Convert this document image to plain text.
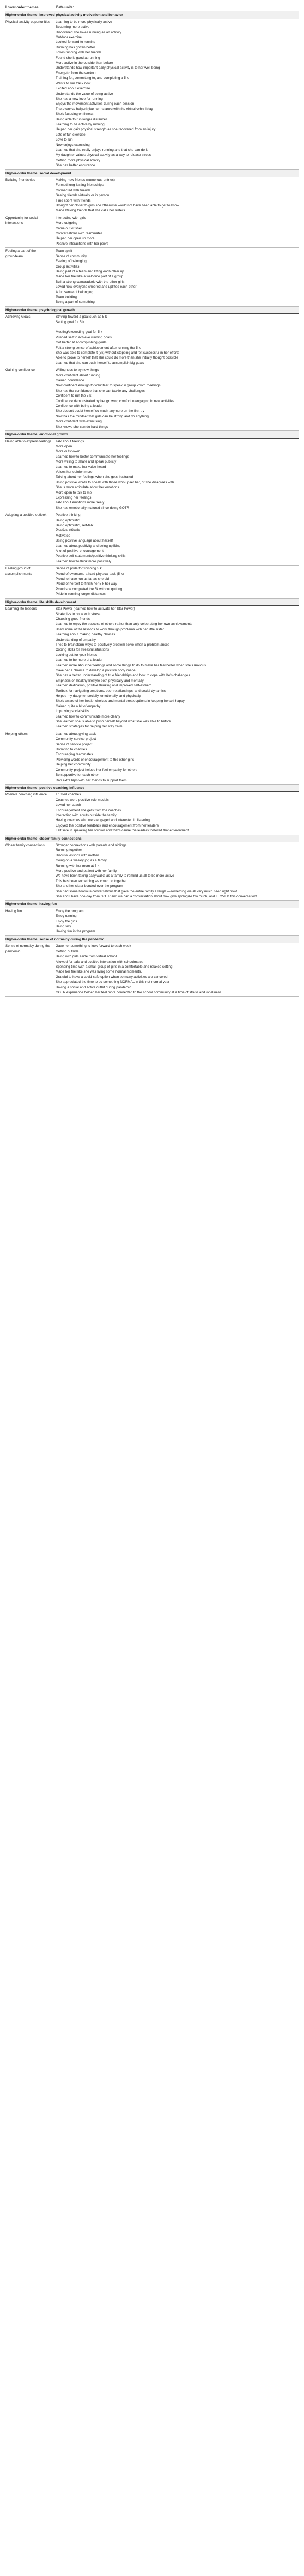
Lower-order themes	Data units:
Higher-order theme: improved physical activity motivation and behavior
Physical activity opportunities	Learning to be more physically active
Becoming more active
Discovered she loves running as an activity
Outdoor exercise
Looked forward to running
Running has gotten better
Loves running with her friends
Found she is good at running
More active in the outside than before
Understands how important daily physical activity is to her well-being
Energetic from the workout
Training for, committing to, and completing a 5 k
Wants to run track now
Excited about exercise
Understands the value of being active
She has a new love for running
Enjoys the movement activities during each session
The exercise helped give her balance with the virtual school day
She's focusing on fitness
Being able to run longer distances
Learning to be active by running
Helped her gain physical strength as she recovered from an injury
Lots of fun exercise
Love to run
Now enjoys exercising
Learned that she really enjoys running and that she can do it
My daughter values physical activity as a way to release stress
Getting more physical activity
She has better endurance
Higher-order theme: social development
Building friendships	Making new friends (numerous entries)
Formed long-lasting friendships
Connected with friends
Seeing friends virtually or in person
Time spent with friends
Brought her closer to girls she otherwise would not have been able to get to know
Made lifelong friends that she calls her sisters
Opportunity for social interactions
Interacting with girls
More outgoing
Came out of shell
Conversations with teammates
Helped her open up more
Positive interactions with her peers
Feeling a part of the group/team
Team spirit
Sense of community
Feeling of belonging
Group activities
Being part of a team and lifting each other up
Made her feel like a welcome part of a group
Built a strong camaraderie with the other girls
Loved how everyone cheered and uplifted each other
A fun sense of belonging
Team building
Being a part of something
Higher-order theme: psychological growth
Achieving Goals	Striving toward a goal such as 5 k
Setting goal for 5 k

Meeting/exceeding goal for 5 k
Pushed self to achieve running goals
Got better at accomplishing goals
Felt a strong sense of achievement after running the 5 k
She was able to complete it (5k) without stopping and felt successful in her efforts
Able to prove to herself that she could do more than she initially thought possible
Learned that she can push herself to accomplish big goals
Gaining confidence	Willingness to try new things
More confident about running
Gained confidence
Now confident enough to volunteer to speak in group Zoom meetings
She has the confidence that she can tackle any challenges
Confident to run the 5 k
Confidence demonstrated by her growing comfort in engaging in new activities
Confidence with being a leader
She doesn't doubt herself so much anymore on the first try
Now has the mindset that girls can be strong and do anything
More confident with exercising
She knows she can do hard things
Higher-order theme: emotional growth
Being able to express feelings	Talk about feelings
More open
More outspoken
Learned how to better communicate her feelings
More willing to share and speak publicly
Learned to make her voice heard
Voices her opinion more
Talking about her feelings when she gets frustrated
Using positive words to speak with those who upset her, or she disagrees with
She is more articulate about her emotions
More open to talk to me
Expressing her feelings
Talk about emotions more freely
She has emotionally matured since doing GOTR
Adopting a positive outlook	Positive thinking
Being optimistic
Being optimistic, self-talk
Positive attitude
Motivated
Using positive language about herself
Learned about positivity and being uplifting
A lot of positive encouragement
Positive self-statements/positive thinking skills
Learned how to think more positively
Feeling proud of accomplishments
Sense of pride for finishing 5 k
Proud of overcome a hard physical task (5 k)
Proud to have run as far as she did
Proud of herself to finish her 5 k her way
Proud she completed the 5k without quitting
Pride in running longer distances
Higher-order theme: life skills development
Learning life lessons	Star Power (learned how to activate her Star Power)
Strategies to cope with stress
Choosing good friends
Learned to enjoy the success of others rather than only celebrating her own achievements
Used some of the lessons to work through problems with her little sister
Learning about making healthy choices
Understanding of empathy
Tries to brainstorm ways to positively problem solve when a problem arises
Coping skills for stressful situations
Looking out for your friends
Learned to be more of a leader
Learned more about her feelings and some things to do to make her feel better when she's anxious
Gave her a chance to develop a positive body image
She has a better understanding of true friendships and how to cope with life's challenges
Emphasis on healthy lifestyle both physically and mentally
Learned dedication, positive thinking and improved self-esteem
Toolbox for navigating emotions, peer relationships, and social dynamics
Helped my daughter socially, emotionally, and physically
She's aware of her health choices and mental break options in keeping herself happy
Gained quite a bit of empathy
Improving social skills
Learned how to communicate more clearly
She learned she is able to push herself beyond what she was able to before
Learned strategies for helping her stay calm
Helping others	Learned about giving back
Community service project
Sense of service project
Donating to charities
Encouraging teammates
Providing words of encouragement to the other girls
Helping her community
Community project helped her feel empathy for others
Be supportive for each other
Ran extra laps with her friends to support them
Higher-order theme: positive coaching influence
Positive coaching influence	Trusted coaches
Coaches were positive role models
Loved her coach
Encouragement she gets from the coaches
Interacting with adults outside the family
Having coaches who were engaged and interested in listening
Enjoyed the positive feedback and encouragement from her leaders
Felt safe in speaking her opinion and that's cause the leaders fostered that environment
Higher-order theme: closer family connections
Closer family connections	Stronger connections with parents and siblings
Running together
Discuss lessons with mother
Going on a weekly jog as a family
Running with her mom at 5 k
More positive and patient with her family
We have been taking daily walks as a family to remind us all to be more active
This has been something we could do together
She and her sister bonded over the program
She had some hilarious conversations that gave the entire family a laugh —something we all very much need right now!
She and I have one day from GOTR and we had a conversation about how girls apologize too much, and I LOVED this conversation!
Higher-order theme: having fun
Having fun	Enjoy the program
Enjoy running
Enjoy the girls
Being silly
Having fun in the program
Higher-order theme: sense of normalcy during the pandemic
Sense of normalcy during the pandemic
Gave her something to look forward to each week
Getting outside
Being with girls aside from virtual school
Allowed for safe and positive interaction with schoolmates
Spending time with a small group of girls in a comfortable and relaxed setting
Made her feel like she was living some normal moments.
Grateful to have a covid-safe option when so many activities are canceled
She appreciated the time to do something NORMAL in this not-normal year
Having a social and active outlet during pandemic
GOTR experience helped her feel more connected to the school community at a time of stress and loneliness
